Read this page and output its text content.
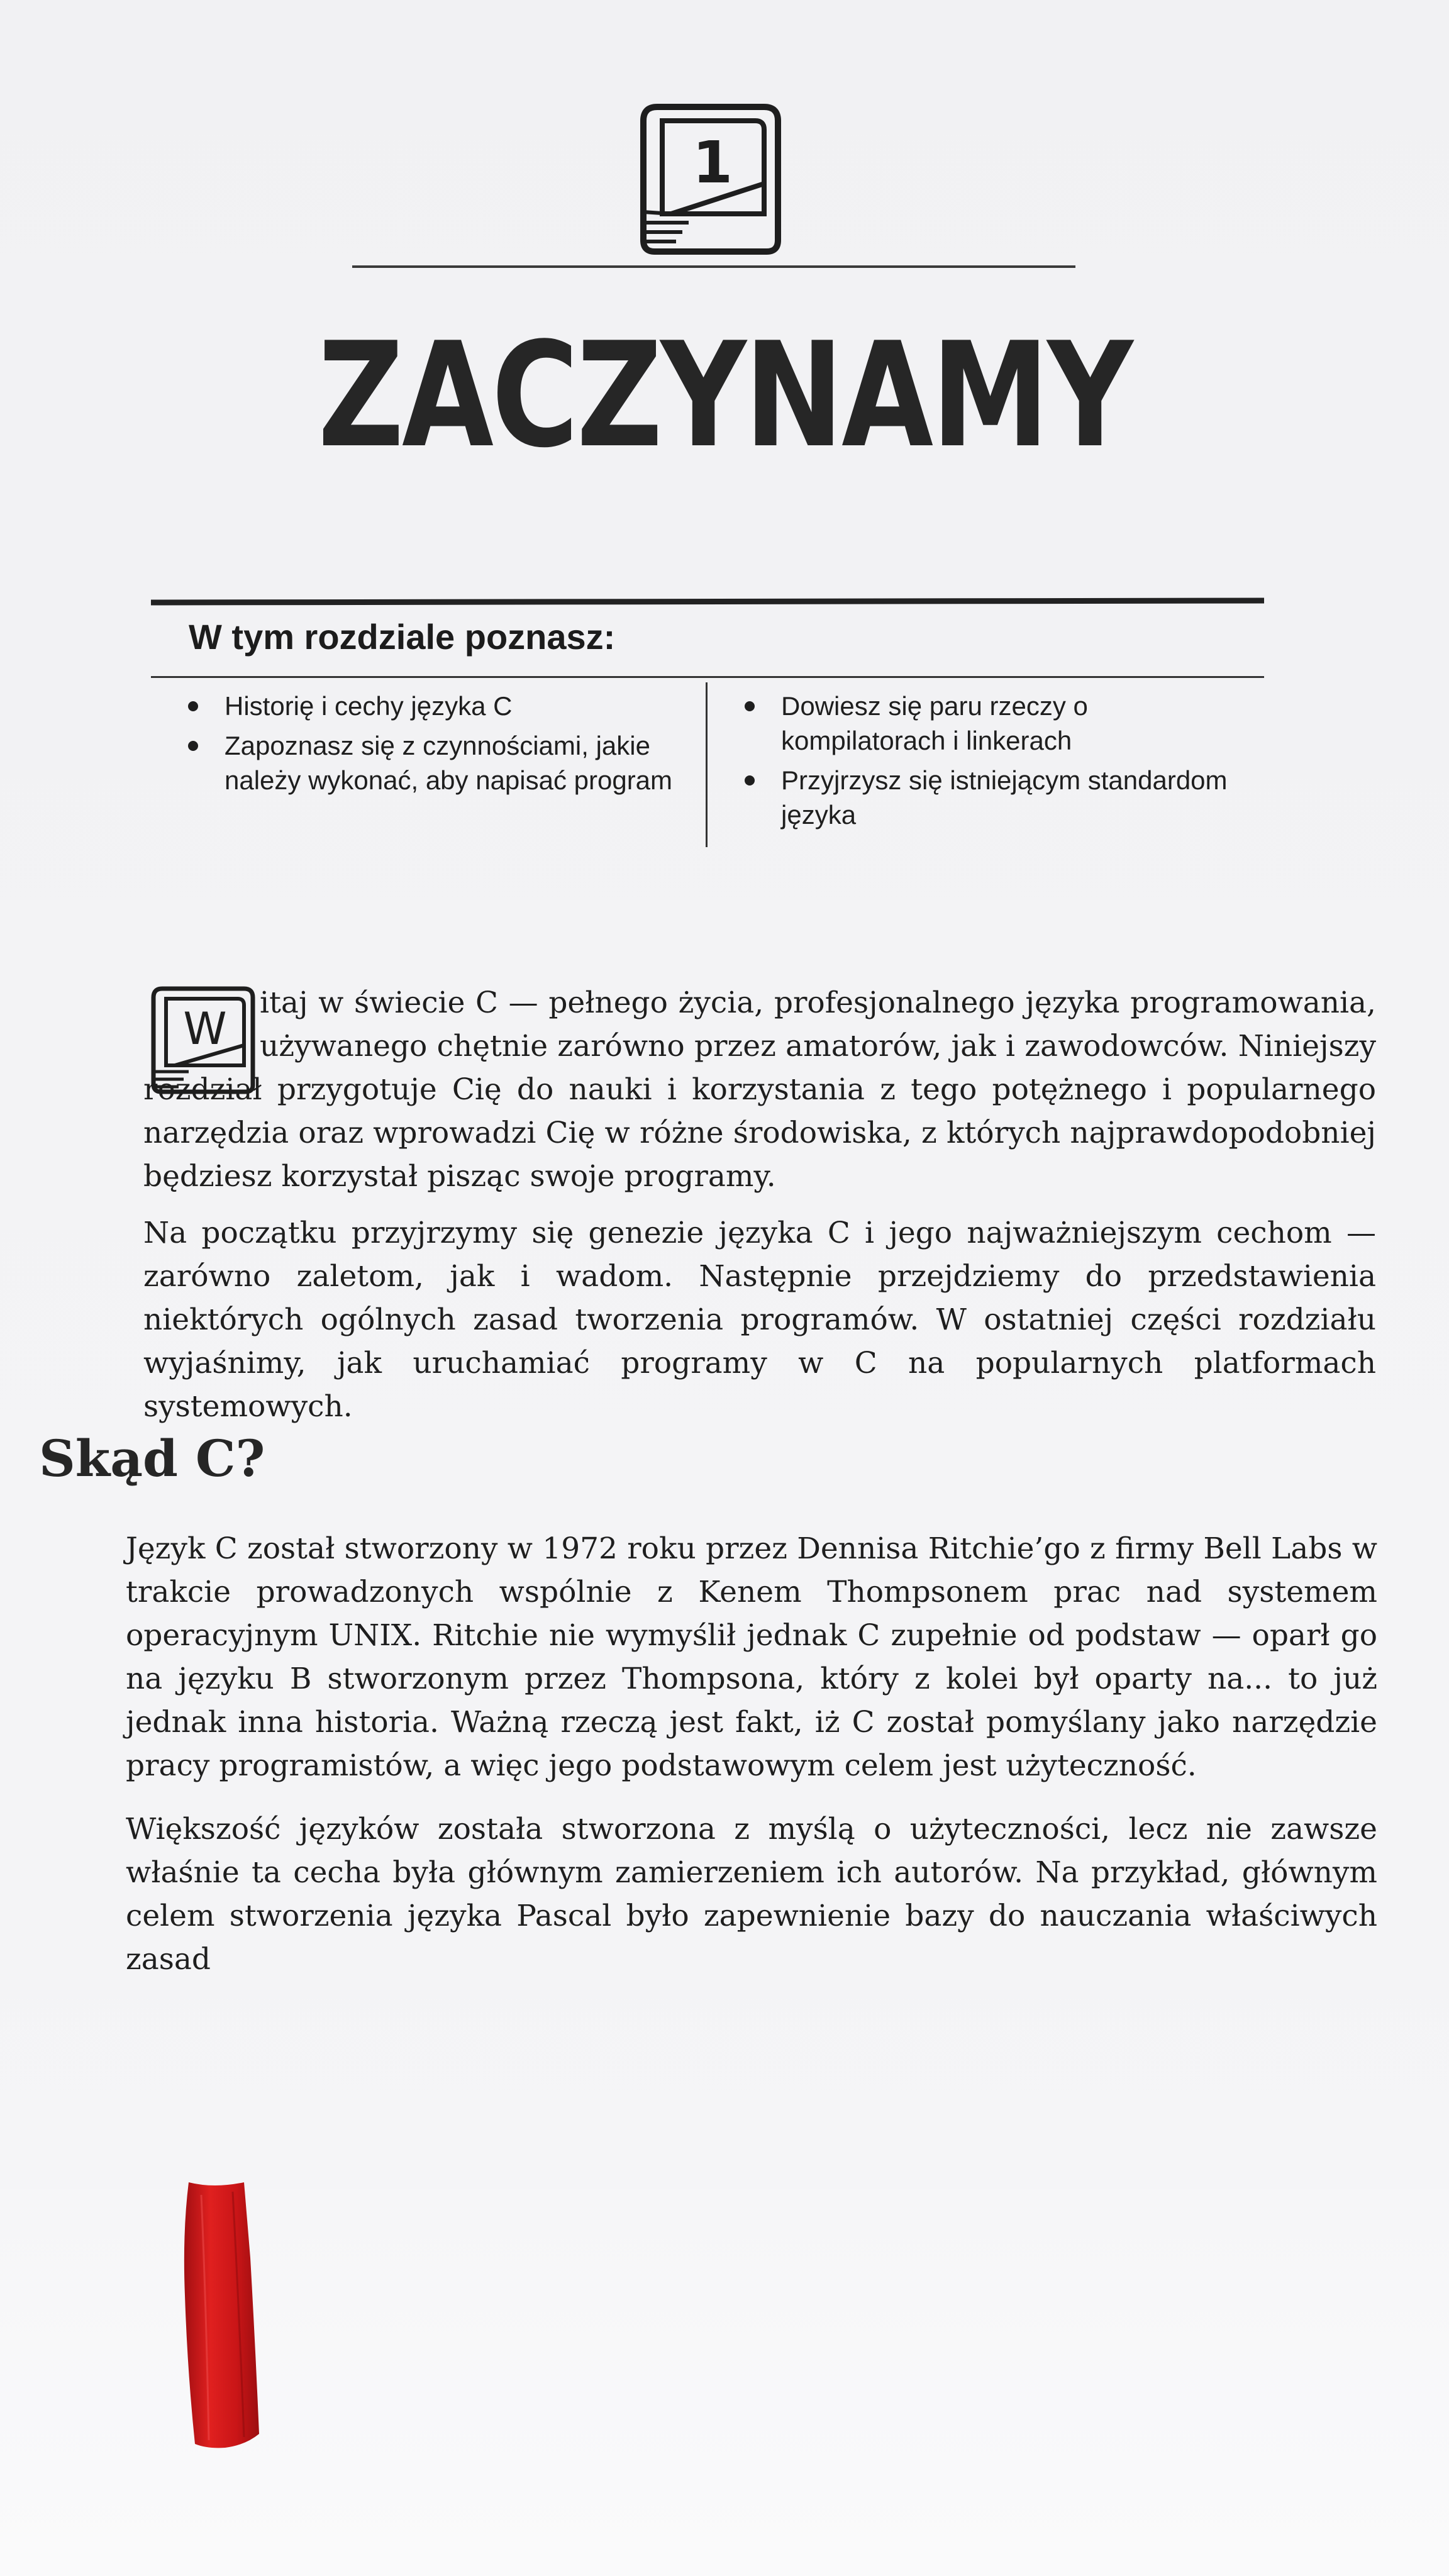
1
ZACZYNAMY
W tym rozdziale poznasz:
Historię i cechy języka C
Zapoznasz się z czynnościami, jakie należy wykonać, aby napisać program
Dowiesz się paru rzeczy o kompilatorach i linkerach
Przyjrzysz się istniejącym standardom języka
W
itaj w świecie C — pełnego życia, profesjonalnego języka programowania, używanego chętnie zarówno przez amatorów, jak i zawodowców. Niniejszy rozdział przygotuje Cię do nauki i korzystania z tego potężnego i popularnego narzędzia oraz wprowadzi Cię w różne środowiska, z których najprawdopodobniej będziesz korzystał pisząc swoje programy.
Na początku przyjrzymy się genezie języka C i jego najważniejszym cechom — zarówno zaletom, jak i wadom. Następnie przejdziemy do przedstawienia niektórych ogólnych zasad tworzenia programów. W ostatniej części rozdziału wyjaśnimy, jak uruchamiać programy w C na popularnych platformach systemowych.
Skąd C?
Język C został stworzony w 1972 roku przez Dennisa Ritchie’go z firmy Bell Labs w trakcie prowadzonych wspólnie z Kenem Thompsonem prac nad systemem operacyjnym UNIX. Ritchie nie wymyślił jednak C zupełnie od podstaw — oparł go na języku B stworzonym przez Thompsona, który z kolei był oparty na... to już jednak inna historia. Ważną rzeczą jest fakt, iż C został pomyślany jako narzędzie pracy programistów, a więc jego podstawowym celem jest użyteczność.
Większość języków została stworzona z myślą o użyteczności, lecz nie zawsze właśnie ta cecha była głównym zamierzeniem ich autorów. Na przykład, głównym celem stworzenia języka Pascal było zapewnienie bazy do nauczania właściwych zasad
